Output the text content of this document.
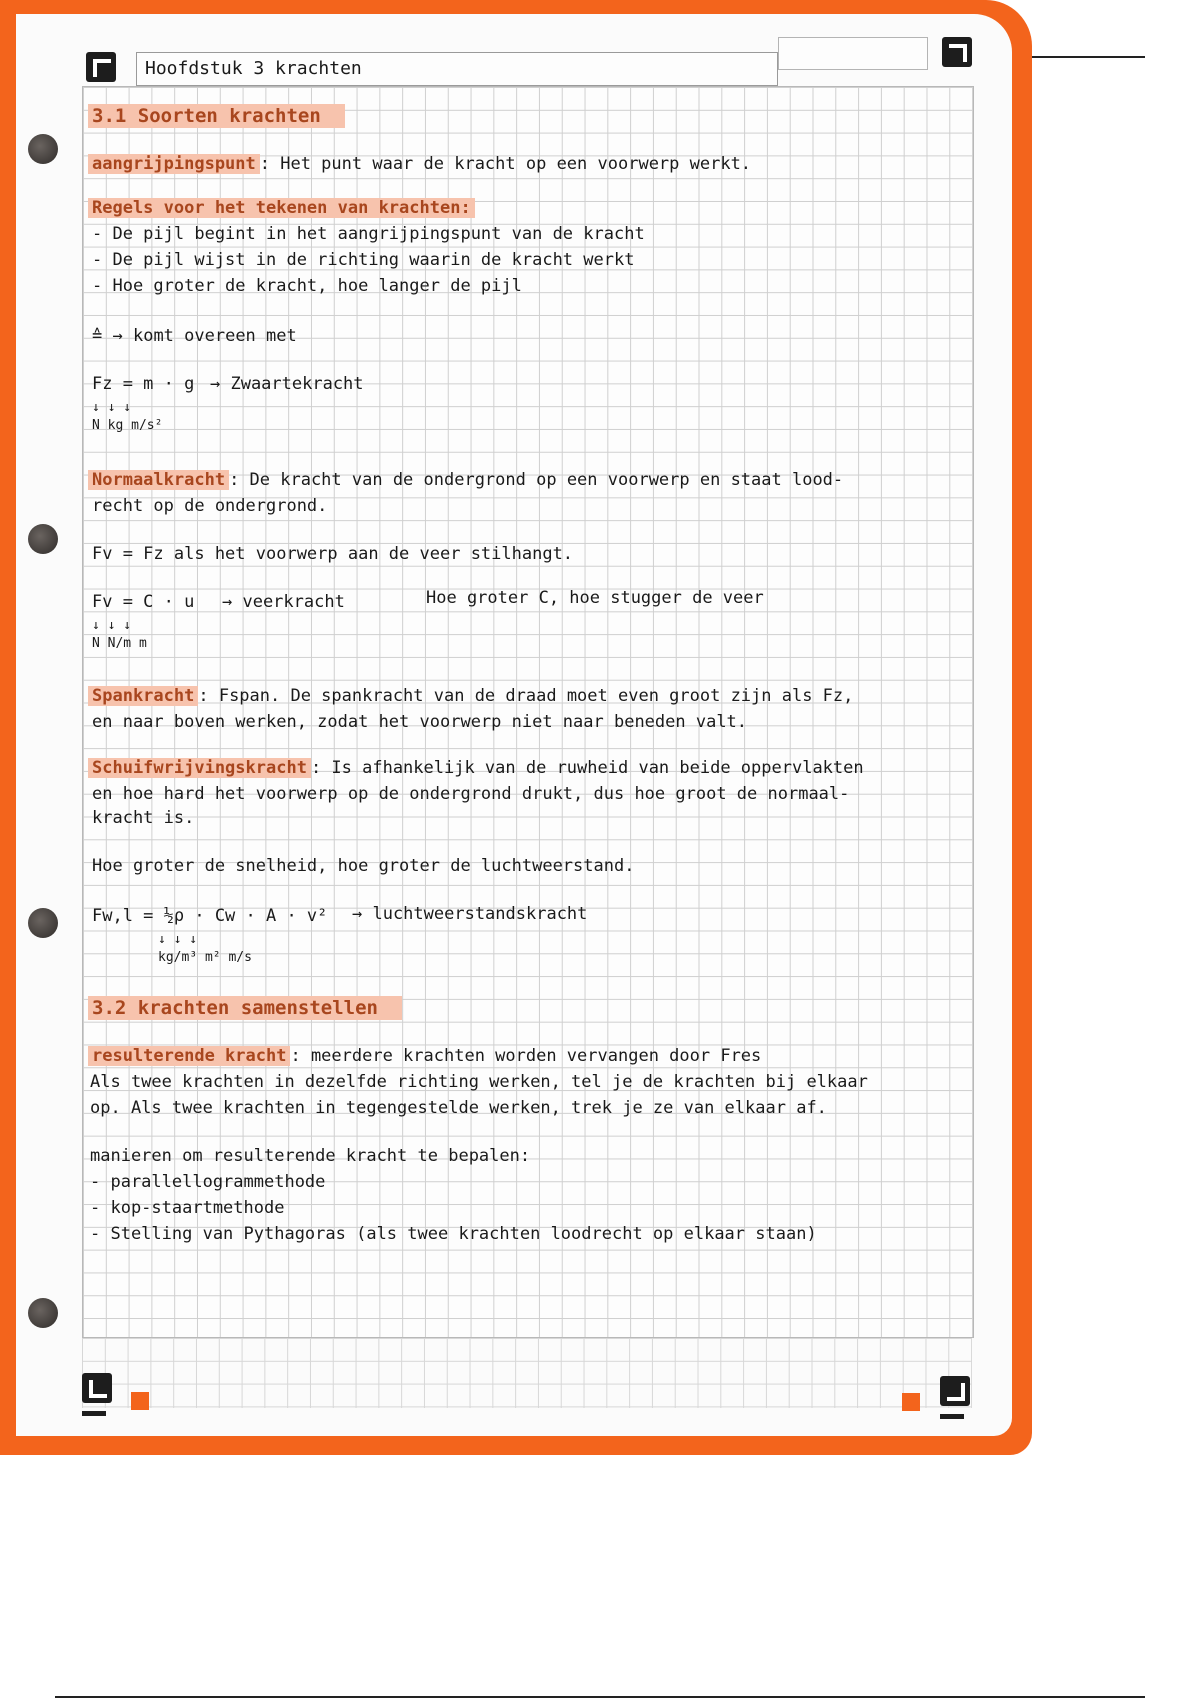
Hoofdstuk 3 krachten
3.1 Soorten krachten
aangrijpingspunt : Het punt waar de kracht op een voorwerp werkt.
Regels voor het tekenen van krachten:
- De pijl begint in het aangrijpingspunt van de kracht
- De pijl wijst in de richting waarin de kracht werkt
- Hoe groter de kracht, hoe langer de pijl
≙ → komt overeen met
Fz = m · g → Zwaartekracht
↓ ↓ ↓
N kg m/s²
Normaalkracht : De kracht van de ondergrond op een voorwerp en staat lood-
recht op de ondergrond.
Fv = Fz als het voorwerp aan de veer stilhangt.
Fv = C · u → veerkracht	Hoe groter C, hoe stugger de veer
↓ ↓ ↓
N N/m m
Spankracht : Fspan. De spankracht van de draad moet even groot zijn als Fz,
en naar boven werken, zodat het voorwerp niet naar beneden valt.
Schuifwrijvingskracht : Is afhankelijk van de ruwheid van beide oppervlakten
en hoe hard het voorwerp op de ondergrond drukt, dus hoe groot de normaal-
kracht is.
Hoe groter de snelheid, hoe groter de luchtweerstand.
Fw,l = ½ρ · Cw · A · v² → luchtweerstandskracht
↓ ↓ ↓
kg/m³ m² m/s
3.2 krachten samenstellen
resulterende kracht : meerdere krachten worden vervangen door Fres
Als twee krachten in dezelfde richting werken, tel je de krachten bij elkaar
op. Als twee krachten in tegengestelde werken, trek je ze van elkaar af.
manieren om resulterende kracht te bepalen:
- parallellogrammethode
- kop-staartmethode
- Stelling van Pythagoras (als twee krachten loodrecht op elkaar staan)
